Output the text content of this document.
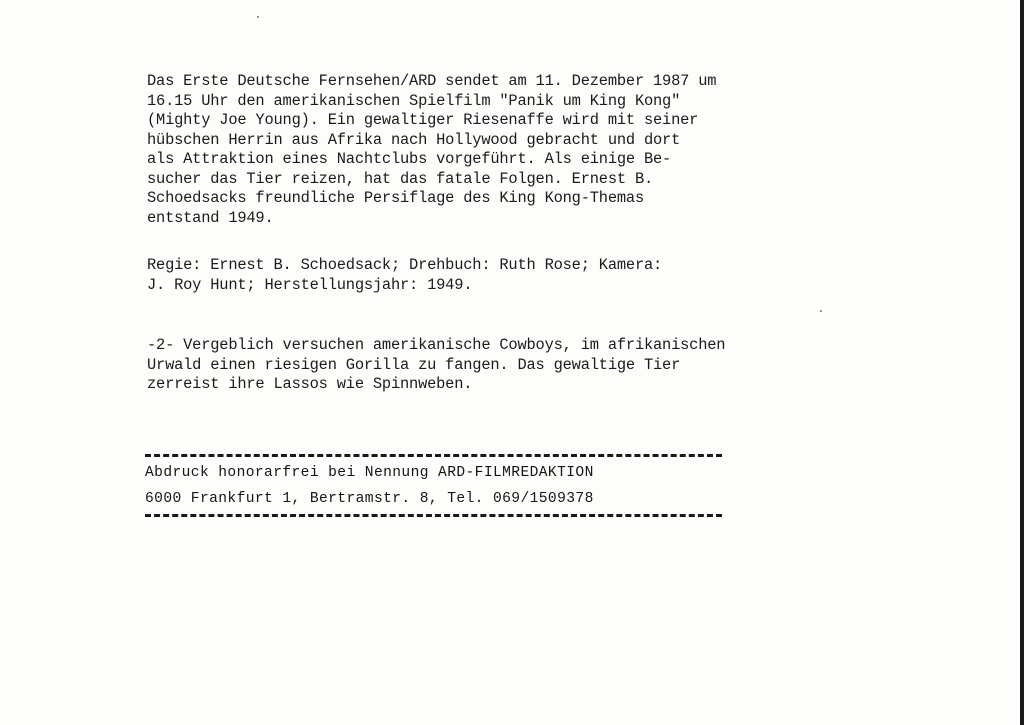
Das Erste Deutsche Fernsehen/ARD sendet am 11. Dezember 1987 um
16.15 Uhr den amerikanischen Spielfilm "Panik um King Kong"
(Mighty Joe Young). Ein gewaltiger Riesenaffe wird mit seiner
hübschen Herrin aus Afrika nach Hollywood gebracht und dort
als Attraktion eines Nachtclubs vorgeführt. Als einige Be-
sucher das Tier reizen, hat das fatale Folgen. Ernest B.
Schoedsacks freundliche Persiflage des King Kong-Themas
entstand 1949.
Regie: Ernest B. Schoedsack; Drehbuch: Ruth Rose; Kamera:
J. Roy Hunt; Herstellungsjahr: 1949.
-2- Vergeblich versuchen amerikanische Cowboys, im afrikanischen
Urwald einen riesigen Gorilla zu fangen. Das gewaltige Tier
zerreist ihre Lassos wie Spinnweben.
Abdruck honorarfrei bei Nennung ARD-FILMREDAKTION
6000 Frankfurt 1, Bertramstr. 8, Tel. 069/1509378
